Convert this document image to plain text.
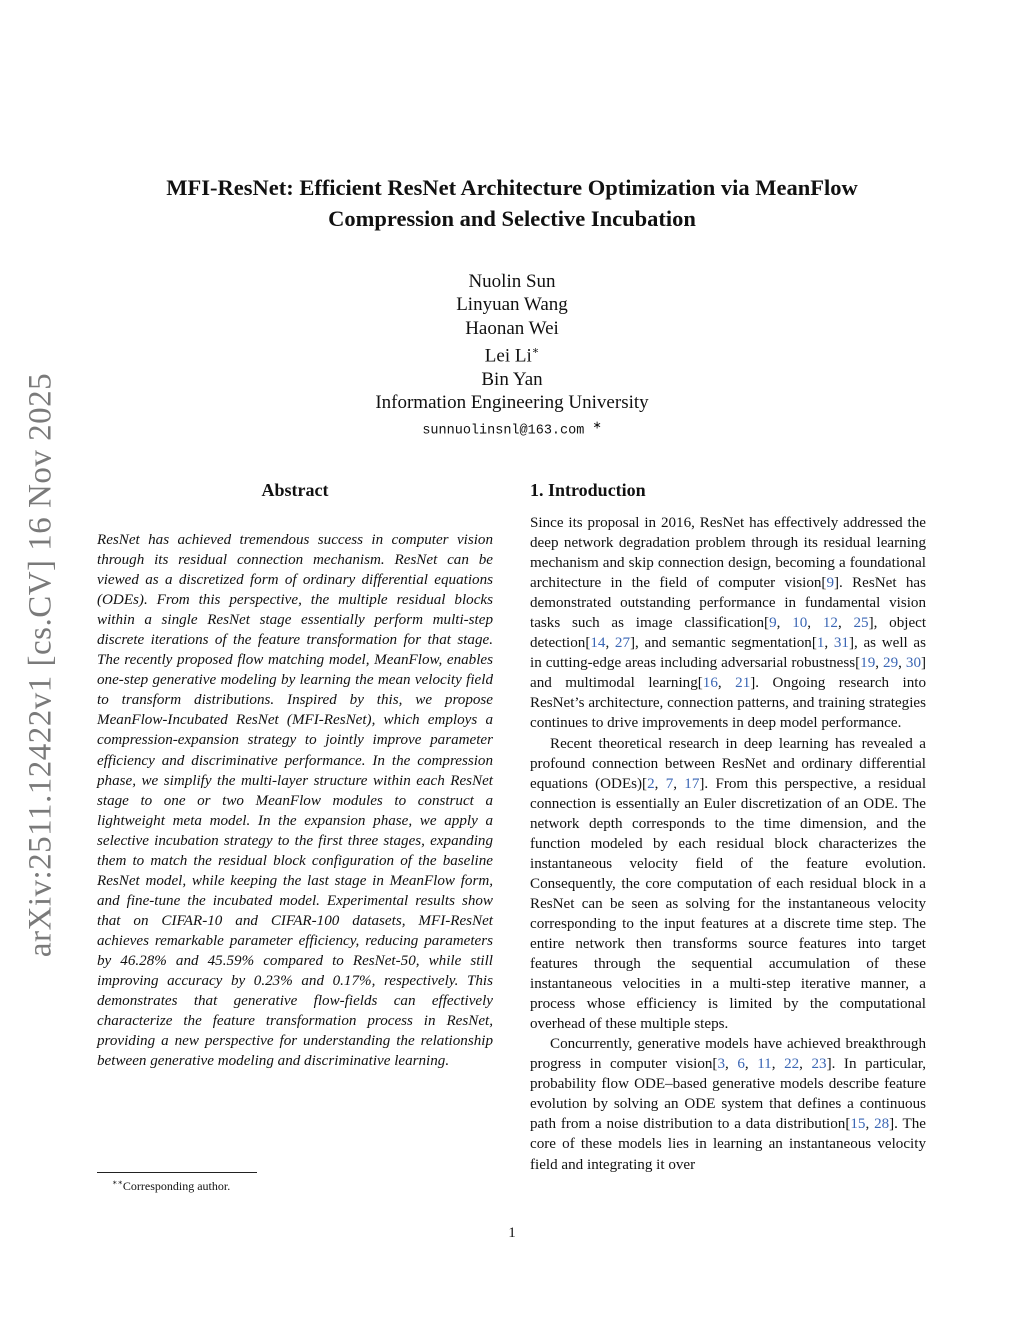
arXiv:2511.12422v1 [cs.CV] 16 Nov 2025
MFI-ResNet: Efficient ResNet Architecture Optimization via MeanFlow
Compression and Selective Incubation
Nuolin Sun
Linyuan Wang
Haonan Wei
Lei Li∗
Bin Yan
Information Engineering University
sunnuolinsnl@163.com ∗
Abstract
ResNet has achieved tremendous success in computer vision through its residual connection mechanism. ResNet can be viewed as a discretized form of ordinary differential equations (ODEs). From this perspective, the multiple residual blocks within a single ResNet stage essentially perform multi-step discrete iterations of the feature transformation for that stage. The recently proposed flow matching model, MeanFlow, enables one-step generative modeling by learning the mean velocity field to transform distributions. Inspired by this, we propose MeanFlow-Incubated ResNet (MFI-ResNet), which employs a compression-expansion strategy to jointly improve parameter efficiency and discriminative performance. In the compression phase, we simplify the multi-layer structure within each ResNet stage to one or two MeanFlow modules to construct a lightweight meta model. In the expansion phase, we apply a selective incubation strategy to the first three stages, expanding them to match the residual block configuration of the baseline ResNet model, while keeping the last stage in MeanFlow form, and fine-tune the incubated model. Experimental results show that on CIFAR-10 and CIFAR-100 datasets, MFI-ResNet achieves remarkable parameter efficiency, reducing parameters by 46.28% and 45.59% compared to ResNet-50, while still improving accuracy by 0.23% and 0.17%, respectively. This demonstrates that generative flow-fields can effectively characterize the feature transformation process in ResNet, providing a new perspective for understanding the relationship between generative modeling and discriminative learning.
1. Introduction

Since its proposal in 2016, ResNet has effectively addressed the deep network degradation problem through its residual learning mechanism and skip connection design, becoming a foundational architecture in the field of computer vision[9]. ResNet has demonstrated outstanding performance in fundamental vision tasks such as image classification[9, 10, 12, 25], object detection[14, 27], and semantic segmentation[1, 31], as well as in cutting-edge areas including adversarial robustness[19, 29, 30] and multimodal learning[16, 21]. Ongoing research into ResNet’s architecture, connection patterns, and training strategies continues to drive improvements in deep model performance.

Recent theoretical research in deep learning has revealed a profound connection between ResNet and ordinary differential equations (ODEs)[2, 7, 17]. From this perspective, a residual connection is essentially an Euler discretization of an ODE. The network depth corresponds to the time dimension, and the function modeled by each residual block characterizes the instantaneous velocity field of the feature evolution. Consequently, the core computation of each residual block in a ResNet can be seen as solving for the instantaneous velocity corresponding to the input features at a discrete time step. The entire network then transforms source features into target features through the sequential accumulation of these instantaneous velocities in a multi-step iterative manner, a process whose efficiency is limited by the computational overhead of these multiple steps.

Concurrently, generative models have achieved breakthrough progress in computer vision[3, 6, 11, 22, 23]. In particular, probability flow ODE–based generative models describe feature evolution by solving an ODE system that defines a continuous path from a noise distribution to a data distribution[15, 28]. The core of these models lies in learning an instantaneous velocity field and integrating it over

∗∗Corresponding author.
1
